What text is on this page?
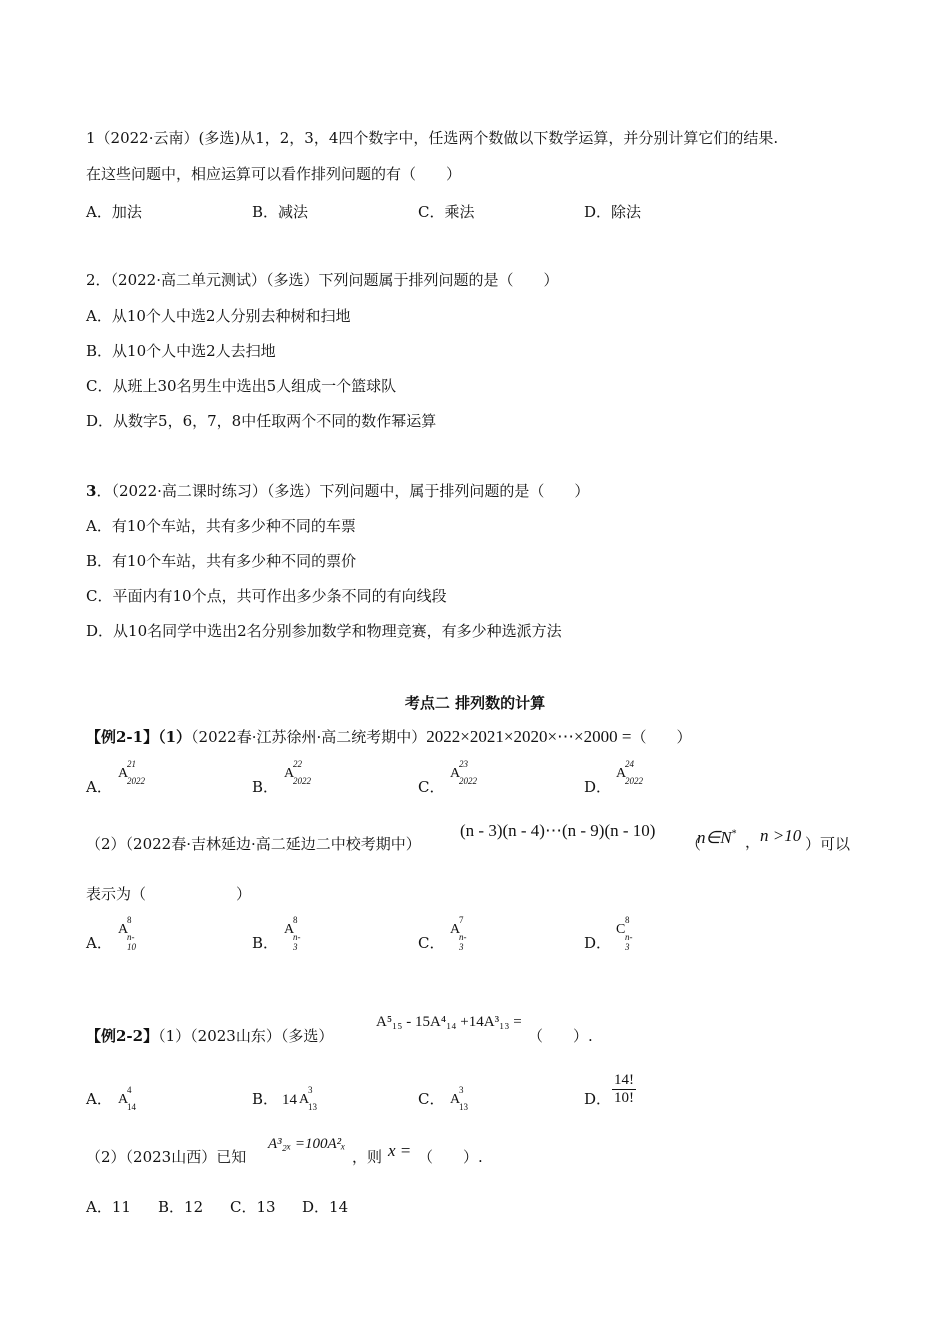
1（2022·云南）(多选)从1，2，3，4四个数字中，任选两个数做以下数学运算，并分别计算它们的结果.
在这些问题中，相应运算可以看作排列问题的有（　　）
A．加法	B．减法	C．乘法	D．除法
2．（2022·高二单元测试）（多选）下列问题属于排列问题的是（　　）
A．从10个人中选2人分别去种树和扫地
B．从10个人中选2人去扫地
C．从班上30名男生中选出5人组成一个篮球队
D．从数字5，6，7，8中任取两个不同的数作幂运算
3．（2022·高二课时练习）（多选）下列问题中，属于排列问题的是（　　）
A．有10个车站，共有多少种不同的车票
B．有10个车站，共有多少种不同的票价
C．平面内有10个点，共可作出多少条不同的有向线段
D．从10名同学中选出2名分别参加数学和物理竞赛，有多少种选派方法
考点二 排列数的计算
【例2-1】（1）（2022春·江苏徐州·高二统考期中）2022×2021×2020×⋯×2000 =（　　）
A．
A
21
2022	B．
A
22
2022	C．
A
23
2022	D．
A
24
2022
（2）（2022春·吉林延边·高二延边二中校考期中）
(n - 3)(n - 4)⋯(n - 9)(n - 10)
（
n∈N* ， n >10 ）可以
表示为（　　　　　　）
A．
A
8
n- 10	B．
A
8
n- 3	C．
A
7
n- 3	D．
C
8
n- 3
【例2-2】（1）（2023山东）（多选）
A⁵₁₅ - 15A⁴₁₄ +14A³₁₃ =
（　　）.
A． A
4
14	B． 14 A
3
13	C． A
3
13	D． $\frac{14!}{10!}$
（2）（2023山西）已知
A³₂ₓ =100A²ₓ
，则 x = （　　）.
A．11 B．12 C．13 D．14
